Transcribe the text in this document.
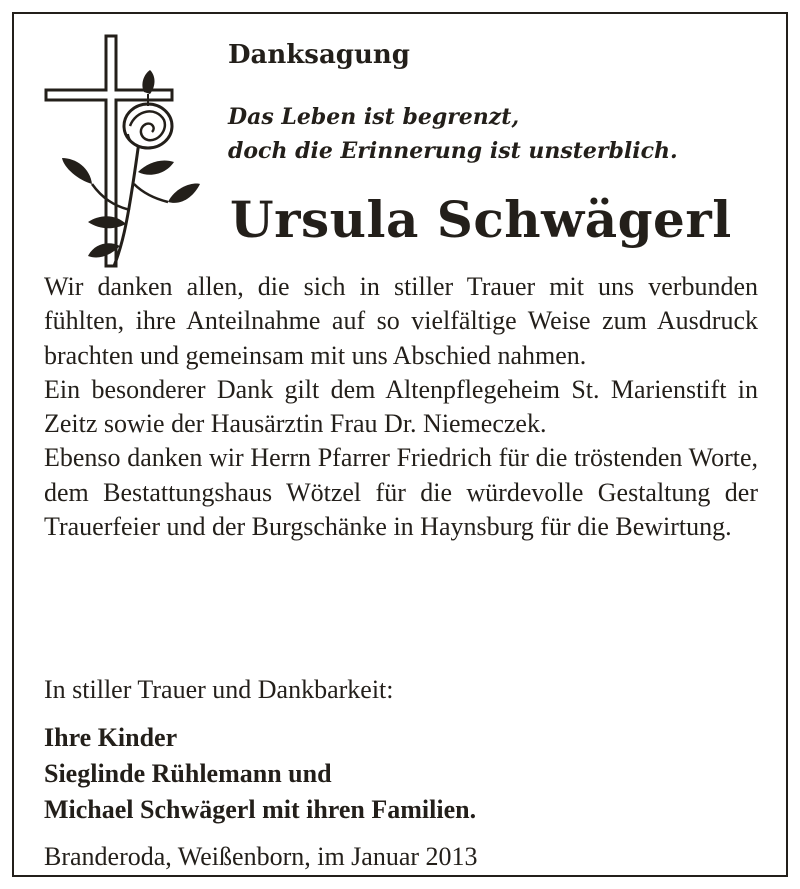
Danksagung
Das Leben ist begrenzt,
doch die Erinnerung ist unsterblich.
Ursula Schwägerl

Wir danken allen, die sich in stiller Trauer mit uns verbunden fühlten, ihre Anteilnahme auf so vielfältige Weise zum Ausdruck brachten und gemeinsam mit uns Abschied nahmen.

Ein besonderer Dank gilt dem Altenpflegeheim St. Marienstift in Zeitz sowie der Hausärztin Frau Dr. Niemeczek.

Ebenso danken wir Herrn Pfarrer Friedrich für die tröstenden Worte, dem Bestattungshaus Wötzel für die würdevolle Gestaltung der Trauerfeier und der Burgschänke in Haynsburg für die Bewirtung.

In stiller Trauer und Dankbarkeit:
Ihre Kinder
Sieglinde Rühlemann und
Michael Schwägerl mit ihren Familien.
Branderoda, Weißenborn, im Januar 2013
